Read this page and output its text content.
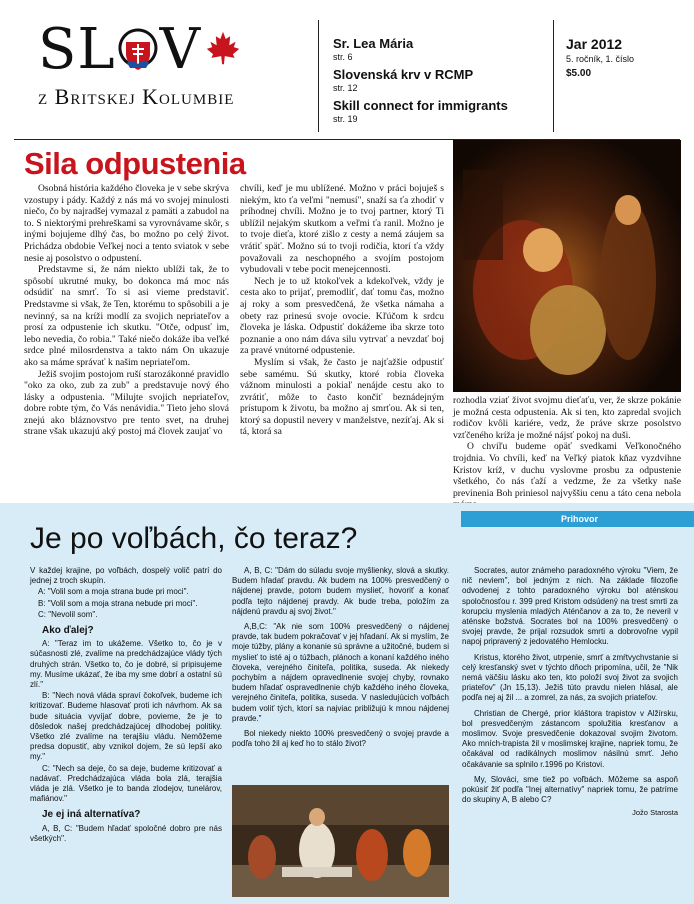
S L V
z Britskej Kolumbie
Sr. Lea Mária
str. 6
Slovenská krv v RCMP
str. 12
Skill connect for immigrants
str. 19
Jar 2012
5. ročník, 1. číslo
$5.00
Sila odpustenia

Osobná história každého človeka je v sebe skrýva vzostupy i pády. Každý z nás má vo svojej minulosti niečo, čo by najradšej vymazal z pamäti a zabudol na to. S niektorými prehreškami sa vyrovnávame skôr, s inými bojujeme dlhý čas, bo možno po celý život. Prichádza obdobie Veľkej noci a tento sviatok v sebe nesie aj posolstvo o odpustení.

Predstavme si, že nám niekto ublíži tak, že to spôsobí ukrutné muky, bo dokonca má moc nás odsúdiť na smrť. To si asi vieme predstaviť. Predstavme si však, že Ten, ktorému to spôsobili a je nevinný, sa na kríži modlí za svojich nepriateľov a prosí za odpustenie ich skutku. "Otče, odpusť im, lebo nevedia, čo robia." Také niečo dokáže iba veľké srdce plné milosrdenstva a takto nám On ukazuje ako sa máme správať k našim nepriateľom.

Ježiš svojim postojom ruší starozákonné pravidlo "oko za oko, zub za zub" a predstavuje nový ého lásky a odpustenia. "Milujte svojich nepriateľov, dobre robte tým, čo Vás nenávidia." Tieto jeho slová znejú ako bláznovstvo pre tento svet, na druhej strane však ukazujú aký postoj má človek zaujať vo

chvíli, keď je mu ublížené. Možno v práci bojuješ s niekým, kto ťa veľmi "nemusí", snaží sa ťa zhodiť v príhodnej chvíli. Možno je to tvoj partner, ktorý Ti ublížil nejakým skutkom a veľmi ťa ranil. Možno je to tvoje dieťa, ktoré zišlo z cesty a nemá záujem sa vrátiť späť. Možno sú to tvoji rodičia, ktorí ťa vždy považovali za neschopného a svojím postojom vybudovali v tebe pocit menejcennosti.

Nech je to už ktokoľvek a kdekoľvek, vždy je cesta ako to prijať, premodliť, dať tomu čas, možno aj roky a som presvedčená, že všetka námaha a obety raz prinesú svoje ovocie. Kľúčom k srdcu človeka je láska. Odpustiť dokážeme iba skrze toto poznanie a ono nám dáva silu vytrvať a nevzdať boj za pravé vnútorné odpustenie.

Myslím si však, že často je najťažšie odpustiť sebe samému. Sú skutky, ktoré robia človeka vážnom minulosti a pokiaľ nenájde cestu ako to zvrátiť, môže to často končiť beznádejným prístupom k životu, ba možno aj smrťou. Ak si ten, ktorý sa dopustil nevery v manželstve, nezíťaj. Ak si tá, ktorá sa

rozhodla vziať život svojmu dieťaťu, ver, že skrze pokánie je možná cesta odpustenia. Ak si ten, kto zapredal svojich rodičov kvôli kariére, vedz, že práve skrze posolstvo vzťčeného kríža je možné nájsť pokoj na duši.

O chvíľu budeme opäť svedkami Veľkonočného trojdnia. Vo chvíli, keď na Veľký piatok kňaz vyzdvihne Kristov kríž, v duchu vyslovme prosbu za odpustenie všetkého, čo nás ťaží a vedzme, že za všetky naše previnenia Boh priniesol najvyššiu cenu a táto cena nebola

Prihovor
Je po voľbách, čo teraz?

V každej krajine, po voľbách, dospelý volič patrí do jednej z troch skupín.

A: "Volil som a moja strana bude pri moci".

B: "Volil som a moja strana nebude pri moci".

C: "Nevolil som".

Ako ďalej?

A: "Teraz im to ukážeme. Všetko to, čo je v súčasnosti zlé, zvalíme na predchádzajúce vlády tých druhých strán. Všetko to, čo je dobré, si pripisujeme my. Musíme ukázať, že iba my sme dobrí a ostatní sú zlí."

B: "Nech nová vláda spraví čokoľvek, budeme ich kritizovať. Budeme hlasovať proti ich návrhom. Ak sa bude situácia vyvíjať dobre, povieme, že je to dôsledok našej predchádzajúcej dlhodobej politiky. Všetko zlé zvalíme na terajšiu vládu. Nemôžeme predsa dopustiť, aby vznikol dojem, že sú lepší ako my."

C: "Nech sa deje, čo sa deje, budeme kritizovať a nadávať. Predchádzajúca vláda bola zlá, terajšia vláda je zlá. Všetko je to banda zlodejov, tunelárov, mafiánov."

Je ej iná alternatíva?

A, B, C: "Budem hľadať spoločné dobro pre nás všetkých".

A, B, C: "Dám do súladu svoje myšlienky, slová a skutky. Budem hľadať pravdu. Ak budem na 100% presvedčený o nájdenej pravde, potom budem myslieť, hovoriť a konať podľa tejto nájdenej pravdy. Ak bude treba, položím za nájdenú pravdu aj svoj život."

A,B,C: "Ak nie som 100% presvedčený o nájdenej pravde, tak budem pokračovať v jej hľadaní. Ak si myslím, že moje túžby, plány a konanie sú správne a užitočné, budem si myslieť to isté aj o túžbach, plánoch a konaní každého iného človeka, verejného činiteľa, politika, suseda. Ak niekedy pochybím a nájdem opravedlnenie svojej chyby, rovnako budem hľadať ospravedlnenie chýb každého iného človeka, verejného činiteľa, politika, suseda. V nasledujúcich voľbách budem voliť tých, ktorí sa najviac približujú k mnou nájdenej pravde."

Bol niekedy niekto 100% presvedčený o svojej pravde a podľa toho žil aj keď ho to stálo život?

Socrates, autor známeho paradoxného výroku "Viem, že nič neviem", bol jedným z nich. Na základe filozofie odvodenej z tohto paradoxného výroku bol aténskou spoločnosťou r. 399 pred Kristom odsúdený na trest smrti za korupciu myslenia mladých Aténčanov a za to, že neveril v aténske božstvá. Socrates bol na 100% presvedčený o svojej pravde, že prijal rozsudok smrti a dobrovoľne vypil napoj pripravený z jedovatého Hemlocku.

Kristus, ktorého život, utrpenie, smrť a zmŕtvychvstanie si celý kresťanský svet v týchto dňoch pripomína, učil, že "Nik nemá väčšiu lásku ako ten, kto položí svoj život za svojich priateľov" (Jn 15,13). Ježiš túto pravdu nielen hlásal, ale podľa nej aj žil ... a zomrel, za nás, za svojich priateľov.

Christian de Chergé, prior kláštora trapistov v Alžírsku, bol presvedčeným zástancom spolužitia kresťanov a moslimov. Svoje presvedčenie dokazoval svojim životom. Ako mních-trapista žil v moslimskej krajine, napriek tomu, že očakával od radikálnych moslimov násilnú smrť. Jeho očakávanie sa splnilo r.1996 po Kristovi.

My, Slováci, sme tiež po voľbách. Môžeme sa aspoň pokúsiť žiť podľa "Inej alternatívy" napriek tomu, že patríme do skupiny A, B alebo C?

Jožo Starosta
